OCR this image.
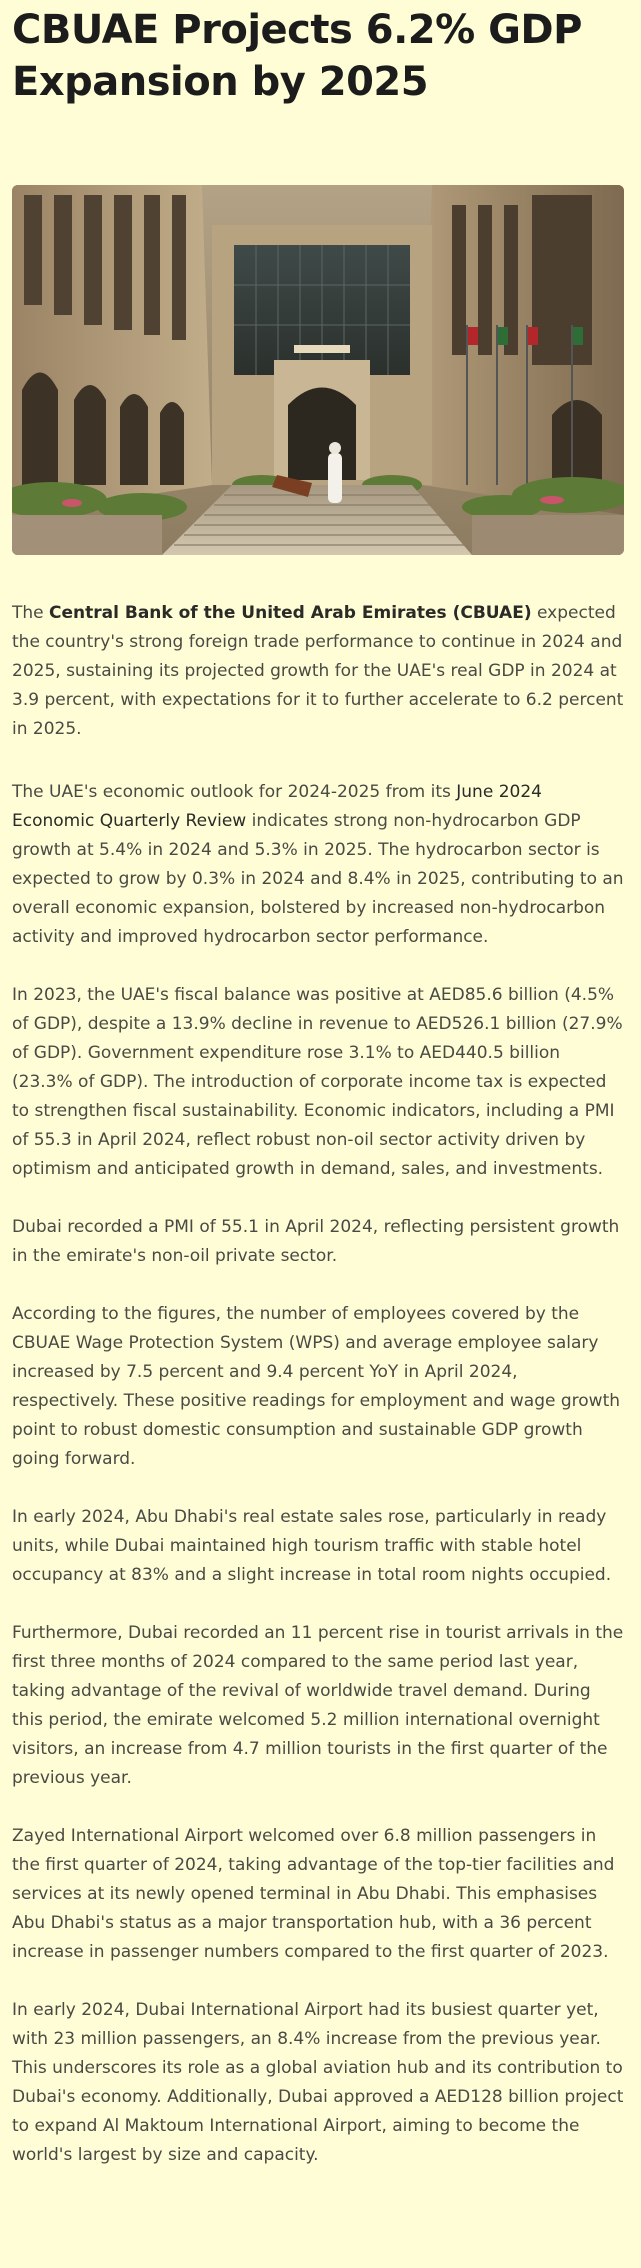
CBUAE Projects 6.2% GDP Expansion by 2025

The Central Bank of the United Arab Emirates (CBUAE) expected the country's strong foreign trade performance to continue in 2024 and 2025, sustaining its projected growth for the UAE's real GDP in 2024 at 3.9 percent, with expectations for it to further accelerate to 6.2 percent in 2025.

The UAE's economic outlook for 2024-2025 from its June 2024 Economic Quarterly Review indicates strong non-hydrocarbon GDP growth at 5.4% in 2024 and 5.3% in 2025. The hydrocarbon sector is expected to grow by 0.3% in 2024 and 8.4% in 2025, contributing to an overall economic expansion, bolstered by increased non-hydrocarbon activity and improved hydrocarbon sector performance.

In 2023, the UAE's fiscal balance was positive at AED85.6 billion (4.5% of GDP), despite a 13.9% decline in revenue to AED526.1 billion (27.9% of GDP). Government expenditure rose 3.1% to AED440.5 billion (23.3% of GDP). The introduction of corporate income tax is expected to strengthen fiscal sustainability. Economic indicators, including a PMI of 55.3 in April 2024, reflect robust non-oil sector activity driven by optimism and anticipated growth in demand, sales, and investments.

Dubai recorded a PMI of 55.1 in April 2024, reflecting persistent growth in the emirate's non-oil private sector.

According to the figures, the number of employees covered by the CBUAE Wage Protection System (WPS) and average employee salary increased by 7.5 percent and 9.4 percent YoY in April 2024, respectively. These positive readings for employment and wage growth point to robust domestic consumption and sustainable GDP growth going forward.

In early 2024, Abu Dhabi's real estate sales rose, particularly in ready units, while Dubai maintained high tourism traffic with stable hotel occupancy at 83% and a slight increase in total room nights occupied.

Furthermore, Dubai recorded an 11 percent rise in tourist arrivals in the first three months of 2024 compared to the same period last year, taking advantage of the revival of worldwide travel demand. During this period, the emirate welcomed 5.2 million international overnight visitors, an increase from 4.7 million tourists in the first quarter of the previous year.

Zayed International Airport welcomed over 6.8 million passengers in the first quarter of 2024, taking advantage of the top-tier facilities and services at its newly opened terminal in Abu Dhabi. This emphasises Abu Dhabi's status as a major transportation hub, with a 36 percent increase in passenger numbers compared to the first quarter of 2023.

In early 2024, Dubai International Airport had its busiest quarter yet, with 23 million passengers, an 8.4% increase from the previous year. This underscores its role as a global aviation hub and its contribution to Dubai's economy. Additionally, Dubai approved a AED128 billion project to expand Al Maktoum International Airport, aiming to become the world's largest by size and capacity.
